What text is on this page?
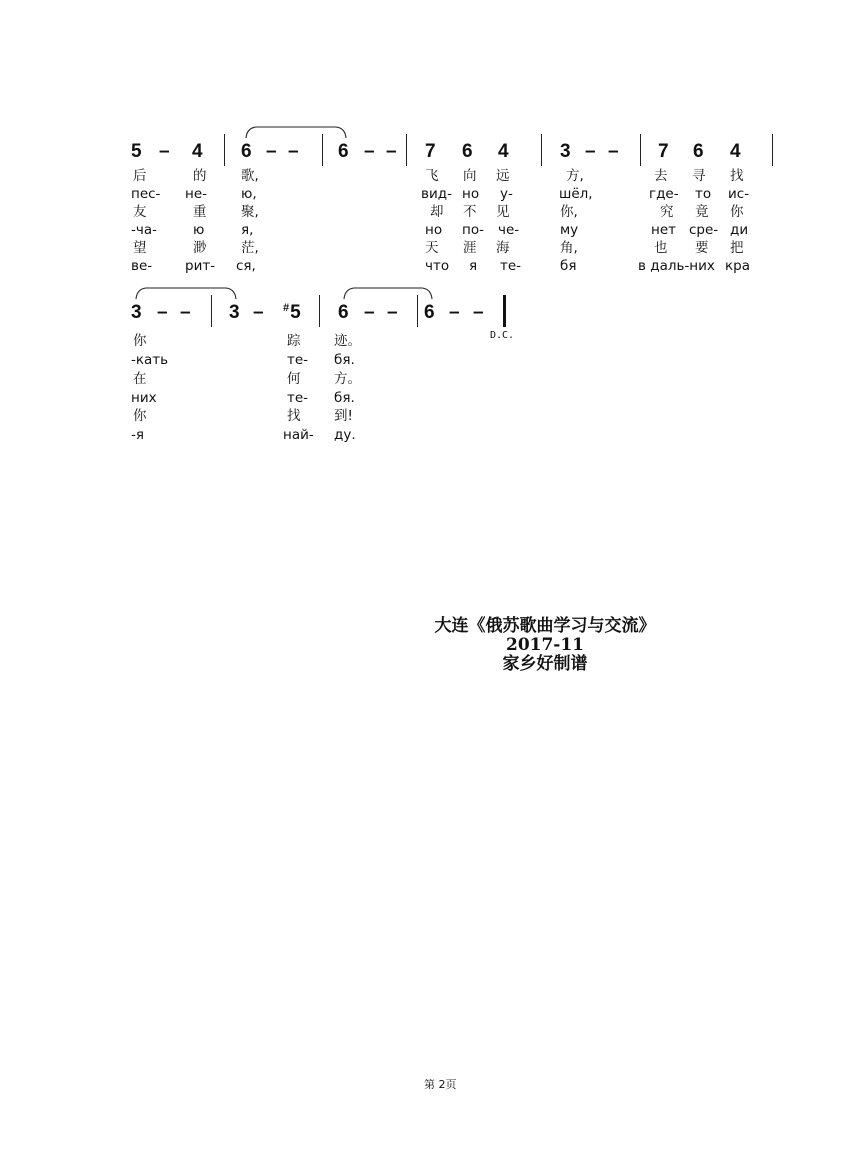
5 – 4 6 – – 6 – – 7 6 4	3 – – 7 6 4
后	的	歌,	飞 向 远	方,	去 寻 找
пес- не-	ю,	вид- но у-	шёл,	где- то ис-
友	重	聚,	却 不 见	你,	究 竟 你
-ча-	ю	я,	но по- че-	му	нет сре- ди
望	渺	茫,	天 涯 海	角,	也 要 把
ве- рит- ся,	что я те-	бя	в даль-них кра
3 – – 3 – #5 6 – – 6 – –
D.C.
你	踪 迹。
-кать	те- бя.
在	何 方。
них	те- бя.
你	找 到!
-я	най- ду.
大连《俄苏歌曲学习与交流》
2017-11
家乡好制谱
第 2页
